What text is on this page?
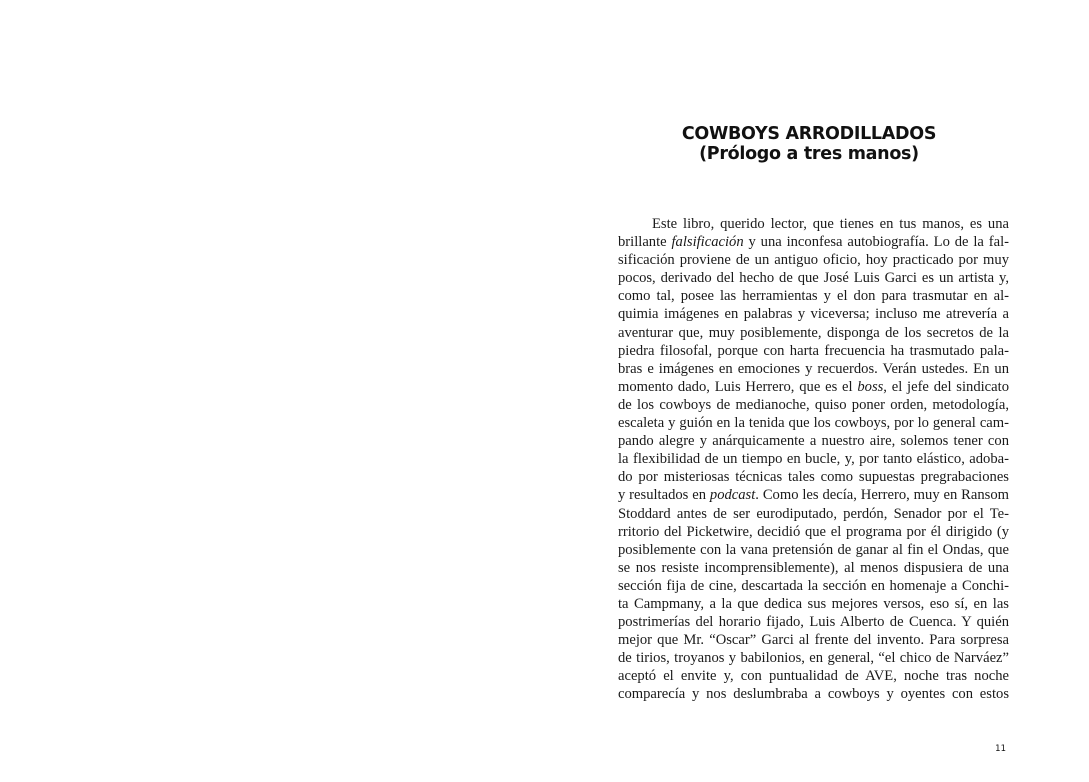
COWBOYS ARRODILLADOS
(Prólogo a tres manos)
Este libro, querido lector, que tienes en tus manos, es una
brillante falsificación y una inconfesa autobiografía. Lo de la fal-
sificación proviene de un antiguo oficio, hoy practicado por muy
pocos, derivado del hecho de que José Luis Garci es un artista y,
como tal, posee las herramientas y el don para trasmutar en al-
quimia imágenes en palabras y viceversa; incluso me atrevería a
aventurar que, muy posiblemente, disponga de los secretos de la
piedra filosofal, porque con harta frecuencia ha trasmutado pala-
bras e imágenes en emociones y recuerdos. Verán ustedes. En un
momento dado, Luis Herrero, que es el boss, el jefe del sindicato
de los cowboys de medianoche, quiso poner orden, metodología,
escaleta y guión en la tenida que los cowboys, por lo general cam-
pando alegre y anárquicamente a nuestro aire, solemos tener con
la flexibilidad de un tiempo en bucle, y, por tanto elástico, adoba-
do por misteriosas técnicas tales como supuestas pregrabaciones
y resultados en podcast. Como les decía, Herrero, muy en Ransom
Stoddard antes de ser eurodiputado, perdón, Senador por el Te-
rritorio del Picketwire, decidió que el programa por él dirigido (y
posiblemente con la vana pretensión de ganar al fin el Ondas, que
se nos resiste incomprensiblemente), al menos dispusiera de una
sección fija de cine, descartada la sección en homenaje a Conchi-
ta Campmany, a la que dedica sus mejores versos, eso sí, en las
postrimerías del horario fijado, Luis Alberto de Cuenca. Y quién
mejor que Mr. “Oscar” Garci al frente del invento. Para sorpresa
de tirios, troyanos y babilonios, en general, “el chico de Narváez”
aceptó el envite y, con puntualidad de AVE, noche tras noche
comparecía y nos deslumbraba a cowboys y oyentes con estos
11
